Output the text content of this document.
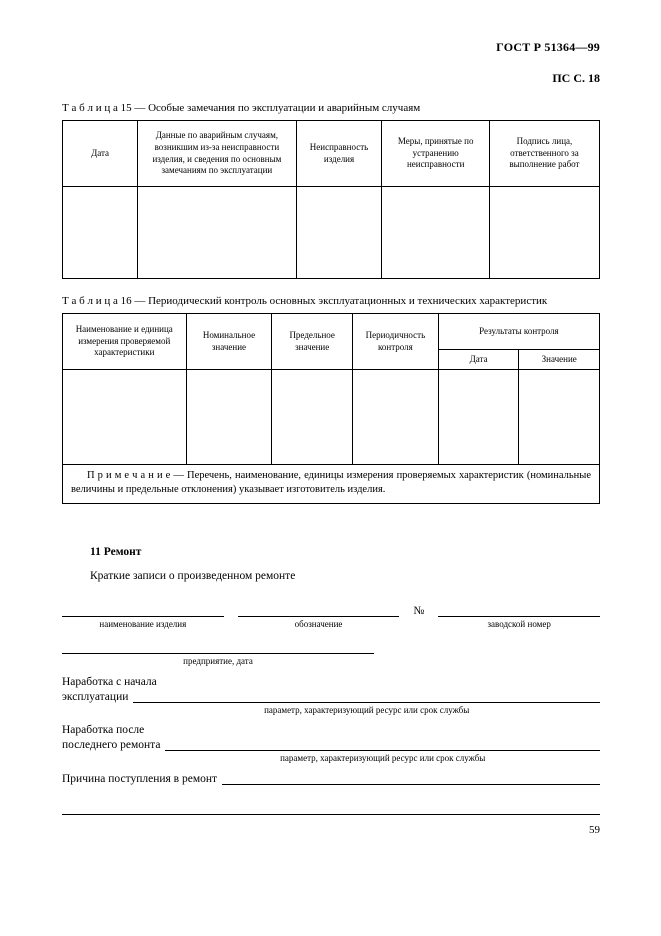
ГОСТ Р 51364—99
ПС С. 18
Т а б л и ц а 15 — Особые замечания по эксплуатации и аварийным случаям
Дата	Данные по аварийным случаям, возникшим из-за неисправности изделия, и сведения по основным замечаниям по эксплуатации	Неисправность изделия	Меры, принятые по устранению неисправности	Подпись лица, ответственного за выполнение работ

Т а б л и ц а 16 — Периодический контроль основных эксплуатационных и технических характеристик
Наименование и единица измерения проверяемой характеристики	Номинальное значение	Предельное значение	Периодичность контроля	Результаты контроля	
				Дата	Значение

П р и м е ч а н и е — Перечень, наименование, единицы измерения проверяемых характеристик (номинальные величины и предельные отклонения) указывает изготовитель изделия.					
11 Ремонт
Краткие записи о произведенном ремонте
наименование изделия	обозначение
№
заводской номер
предприятие, дата
Наработка с начала
эксплуатации
параметр, характеризующий ресурс или срок службы
Наработка после
последнего ремонта
параметр, характеризующий ресурс или срок службы
Причина поступления в ремонт
59
